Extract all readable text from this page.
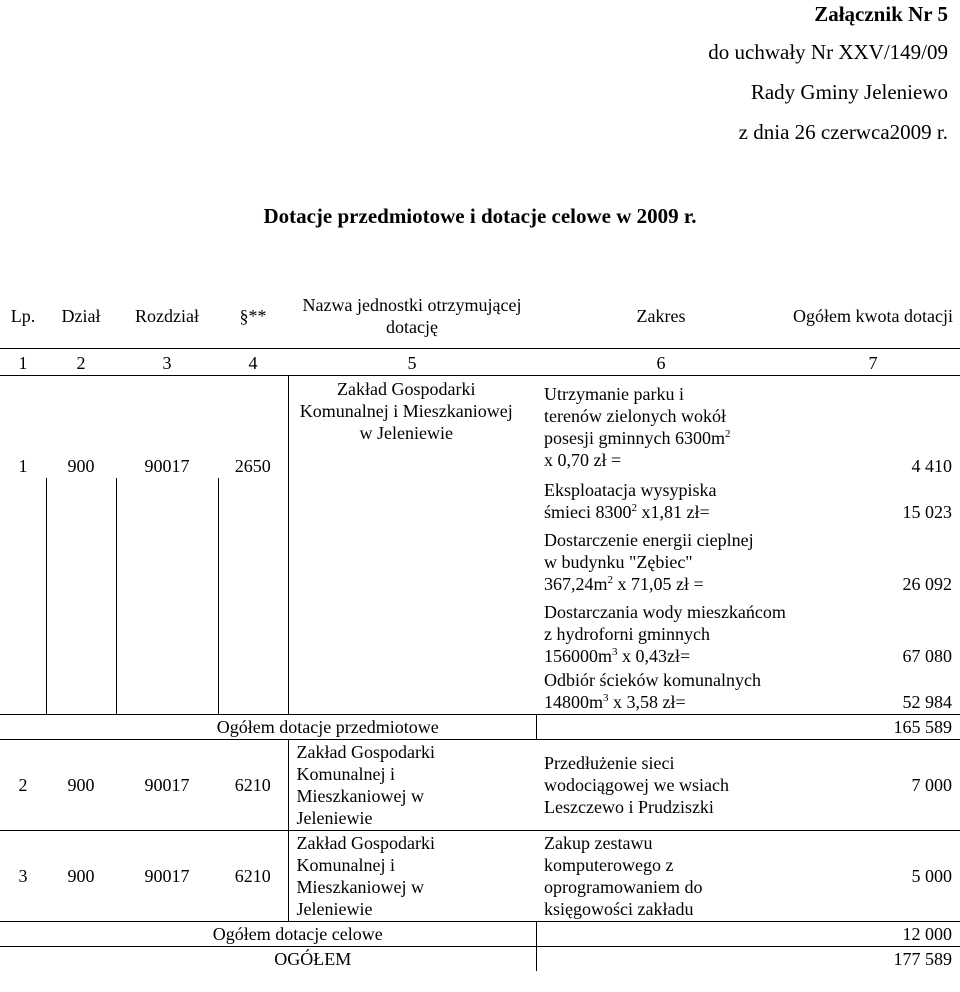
Załącznik Nr 5
do uchwały Nr XXV/149/09
Rady Gminy Jeleniewo
z dnia 26 czerwca2009 r.
Dotacje przedmiotowe i dotacje celowe w 2009 r.
Lp.	Dział	Rozdział	§**	Nazwa jednostki otrzymującej dotację	Zakres	Ogółem kwota dotacji
1	2	3	4	5	6	7
1	900	90017	2650	Zakład Gospodarki Komunalnej i Mieszkaniowej w Jeleniewie	Utrzymanie parku i terenów zielonych wokół posesji gminnych $6300m^2$ x 0,70 zł =	4 410
					Eksploatacja wysypiska śmieci 8300$^2$ x1,81 zł=	15 023
					Dostarczenie energii cieplnej w budynku "Zębiec" $367,24m^2$ x 71,05 zł =	26 092
					Dostarczania wody mieszkańcom z hydroforni gminnych $156000m^3$ x 0,43zł=	67 080
					Odbiór ścieków komunalnych $14800m^3$ x 3,58 zł=	52 984
Ogółem dotacje przedmiotowe						165 589
2	900	90017	6210	Zakład Gospodarki Komunalnej i Mieszkaniowej w Jeleniewie	Przedłużenie sieci wodociągowej we wsiach Leszczewo i Prudziszki	7 000
3	900	90017	6210	Zakład Gospodarki Komunalnej i Mieszkaniowej w Jeleniewie	Zakup zestawu komputerowego z oprogramowaniem do księgowości zakładu	5 000
Ogółem dotacje celowe						12 000
OGÓŁEM						177 589
